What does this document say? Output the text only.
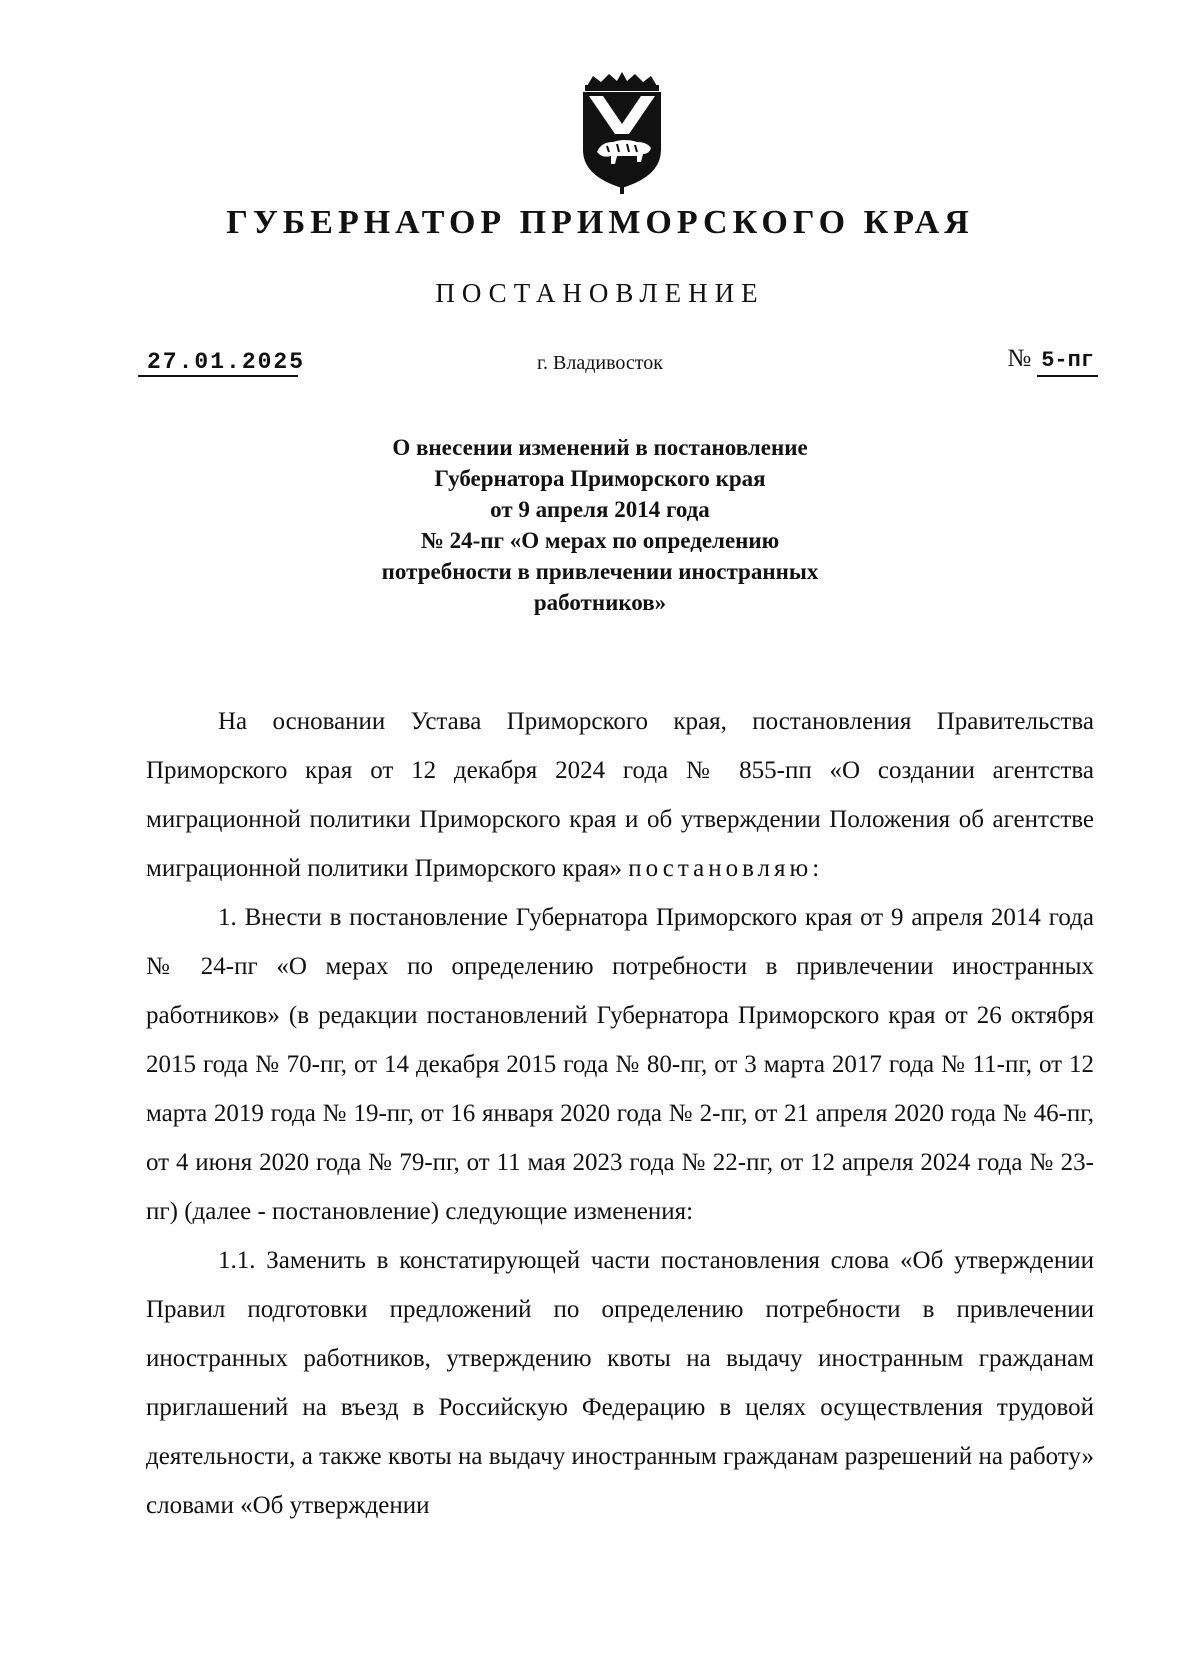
ГУБЕРНАТОР ПРИМОРСКОГО КРАЯ
ПОСТАНОВЛЕНИЕ
27.01.2025	г. Владивосток	№ 5-пг
О внесении изменений в постановление
Губернатора Приморского края
от 9 апреля 2014 года
№ 24-пг «О мерах по определению
потребности в привлечении иностранных
работников»

На основании Устава Приморского края, постановления Правительства Приморского края от 12 декабря 2024 года № 855-пп «О создании агентства миграционной политики Приморского края и об утверждении Положения об агентстве миграционной политики Приморского края» постановляю:

1. Внести в постановление Губернатора Приморского края от 9 апреля 2014 года № 24-пг «О мерах по определению потребности в привлечении иностранных работников» (в редакции постановлений Губернатора Приморского края от 26 октября 2015 года № 70-пг, от 14 декабря 2015 года № 80-пг, от 3 марта 2017 года № 11-пг, от 12 марта 2019 года № 19-пг, от 16 января 2020 года № 2-пг, от 21 апреля 2020 года № 46-пг, от 4 июня 2020 года № 79-пг, от 11 мая 2023 года № 22-пг, от 12 апреля 2024 года № 23-пг) (далее - постановление) следующие изменения:

1.1. Заменить в констатирующей части постановления слова «Об утверждении Правил подготовки предложений по определению потребности в привлечении иностранных работников, утверждению квоты на выдачу иностранным гражданам приглашений на въезд в Российскую Федерацию в целях осуществления трудовой деятельности, а также квоты на выдачу иностранным гражданам разрешений на работу» словами «Об утверждении
